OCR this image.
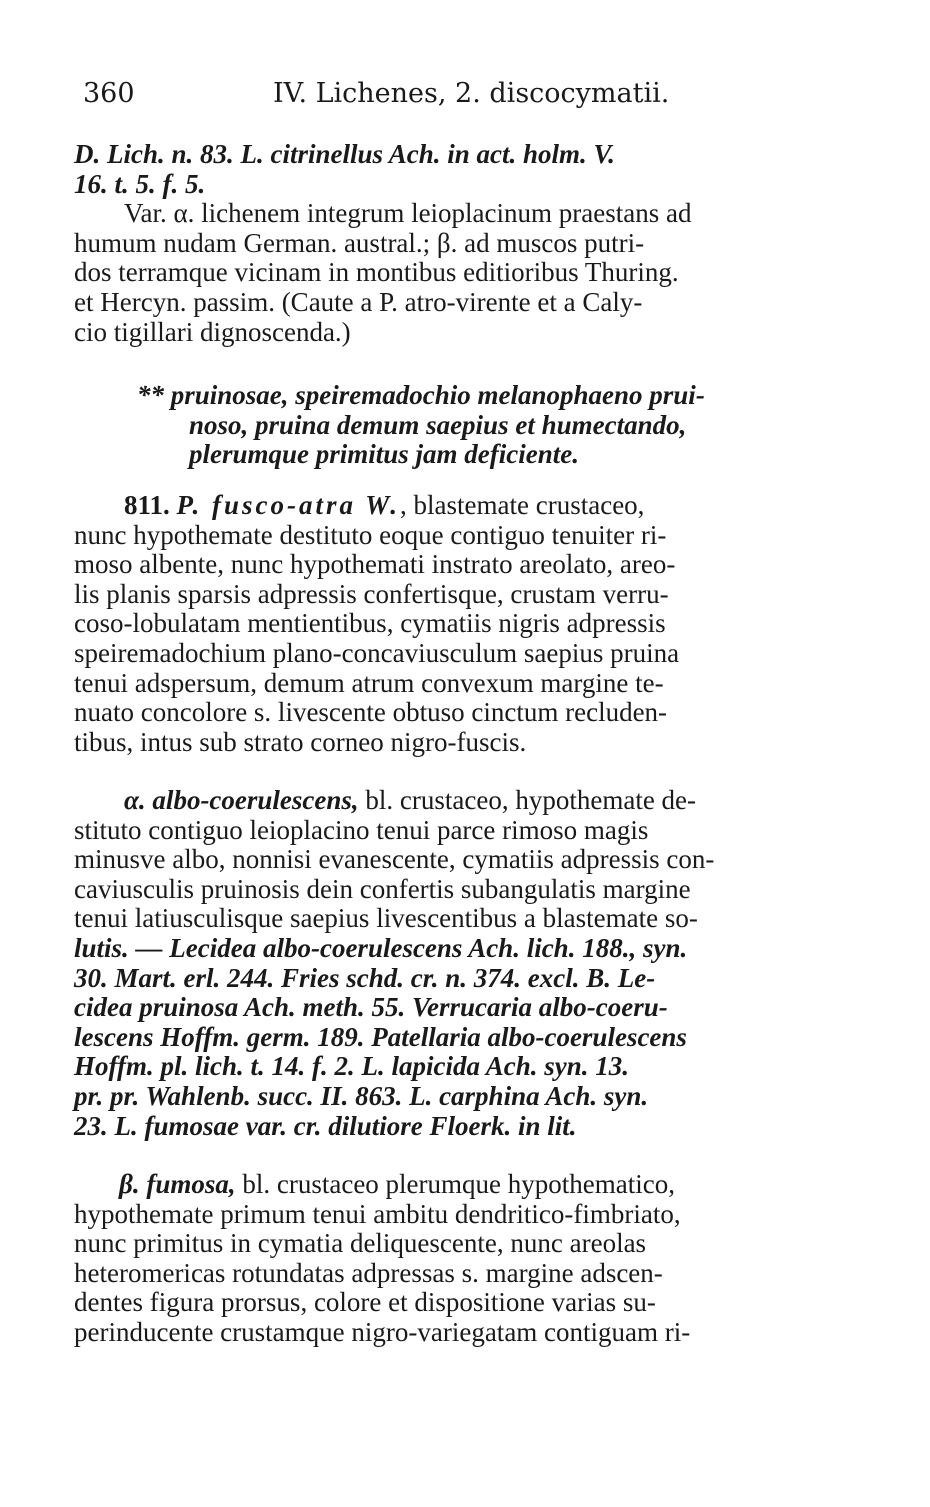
360	IV. Lichenes, 2. discocymatii.

D. Lich. n. 83. L. citrinellus Ach. in act. holm. V.
16. t. 5. f. 5.
Var. α. lichenem integrum leioplacinum praestans ad
humum nudam German. austral.; β. ad muscos putri-
dos terramque vicinam in montibus editioribus Thuring.
et Hercyn. passim. (Caute a P. atro-virente et a Caly-
cio tigillari dignoscenda.)

** pruinosae, speiremadochio melanophaeno prui-
noso, pruina demum saepius et humectando,
plerumque primitus jam deficiente.

811. P. fusco-atra W., blastemate crustaceo,
nunc hypothemate destituto eoque contiguo tenuiter ri-
moso albente, nunc hypothemati instrato areolato, areo-
lis planis sparsis adpressis confertisque, crustam verru-
coso-lobulatam mentientibus, cymatiis nigris adpressis
speiremadochium plano-concaviusculum saepius pruina
tenui adspersum, demum atrum convexum margine te-
nuato concolore s. livescente obtuso cinctum recluden-
tibus, intus sub strato corneo nigro-fuscis.

α. albo-coerulescens, bl. crustaceo, hypothemate de-
stituto contiguo leioplacino tenui parce rimoso magis
minusve albo, nonnisi evanescente, cymatiis adpressis con-
caviusculis pruinosis dein confertis subangulatis margine
tenui latiusculisque saepius livescentibus a blastemate so-
lutis. — Lecidea albo-coerulescens Ach. lich. 188., syn.
30. Mart. erl. 244. Fries schd. cr. n. 374. excl. B. Le-
cidea pruinosa Ach. meth. 55. Verrucaria albo-coeru-
lescens Hoffm. germ. 189. Patellaria albo-coerulescens
Hoffm. pl. lich. t. 14. f. 2. L. lapicida Ach. syn. 13.
pr. pr. Wahlenb. succ. II. 863. L. carphina Ach. syn.
23. L. fumosae var. cr. dilutiore Floerk. in lit.

β. fumosa, bl. crustaceo plerumque hypothematico,
hypothemate primum tenui ambitu dendritico-fimbriato,
nunc primitus in cymatia deliquescente, nunc areolas
heteromericas rotundatas adpressas s. margine adscen-
dentes figura prorsus, colore et dispositione varias su-
perinducente crustamque nigro-variegatam contiguam ri-
